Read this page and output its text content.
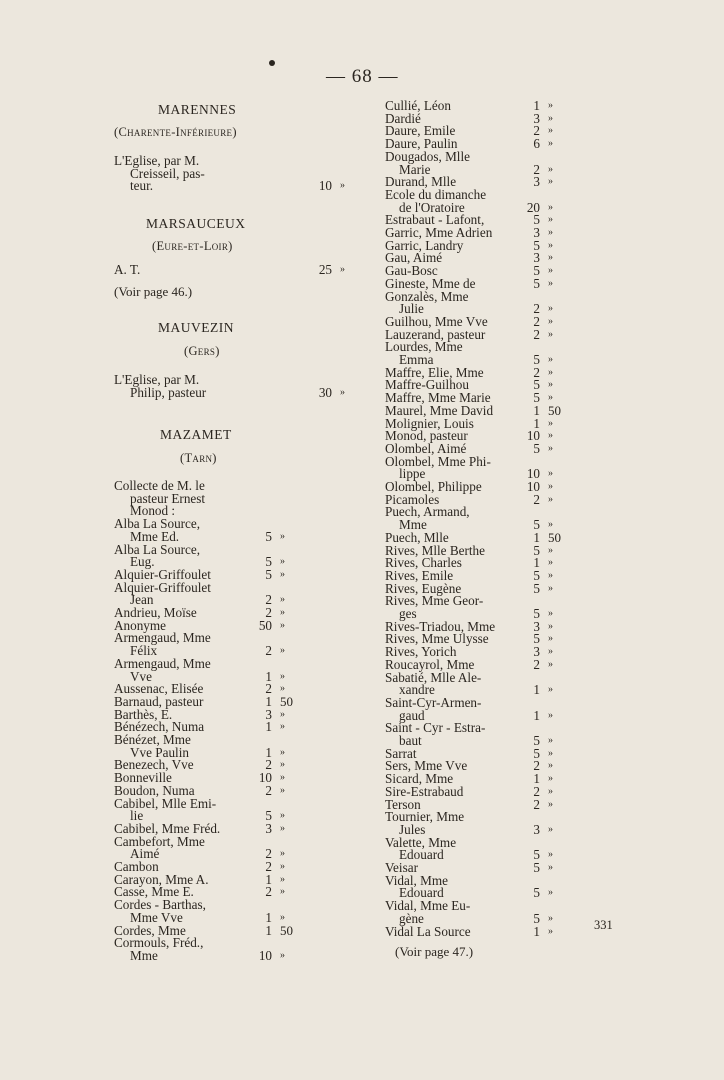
— 68 —
MARENNES
(Charente-Inférieure)
L'Eglise, par M.
Creisseil, pas-
teur.	10 »
MARSAUCEUX
(Eure-et-Loir)
A. T.	25 »
(Voir page 46.)
MAUVEZIN
(Gers)
L'Eglise, par M.
Philip, pasteur	30 »
MAZAMET
(Tarn)
Collecte de M. le
pasteur Ernest
Monod :
Alba La Source,
Mme Ed.	5 »
Alba La Source,
Eug.	5 »
Alquier-Griffoulet	5 »
Alquier-Griffoulet
Jean	2 »
Andrieu, Moïse	2 »
Anonyme	50 »
Armengaud, Mme
Félix	2 »
Armengaud, Mme
Vve	1 »
Aussenac, Elisée	2 »
Barnaud, pasteur	1 50
Barthès, E.	3 »
Bénézech, Numa	1 »
Bénézet, Mme
Vve Paulin	1 »
Benezech, Vve	2 »
Bonneville	10 »
Boudon, Numa	2 »
Cabibel, Mlle Emi-
lie	5 »
Cabibel, Mme Fréd.	3 »
Cambefort, Mme
Aimé	2 »
Cambon	2 »
Carayon, Mme A.	1 »
Casse, Mme E.	2 »
Cordes - Barthas,
Mme Vve	1 »
Cordes, Mme	1 50
Cormouls, Fréd.,
Mme	10 »
Cullié, Léon	1 »
Dardié	3 »
Daure, Emile	2 »
Daure, Paulin	6 »
Dougados, Mlle
Marie	2 »
Durand, Mlle	3 »
Ecole du dimanche
de l'Oratoire	20 »
Estrabaut - Lafont,	5 »
Garric, Mme Adrien	3 »
Garric, Landry	5 »
Gau, Aimé	3 »
Gau-Bosc	5 »
Gineste, Mme de	5 »
Gonzalès, Mme
Julie	2 »
Guilhou, Mme Vve	2 »
Lauzerand, pasteur	2 »
Lourdes, Mme
Emma	5 »
Maffre, Elie, Mme	2 »
Maffre-Guilhou	5 »
Maffre, Mme Marie	5 »
Maurel, Mme David	1 50
Molignier, Louis	1 »
Monod, pasteur	10 »
Olombel, Aimé	5 »
Olombel, Mme Phi-
lippe	10 »
Olombel, Philippe	10 »
Picamoles	2 »
Puech, Armand,
Mme	5 »
Puech, Mlle	1 50
Rives, Mlle Berthe	5 »
Rives, Charles	1 »
Rives, Emile	5 »
Rives, Eugène	5 »
Rives, Mme Geor-
ges	5 »
Rives-Triadou, Mme	3 »
Rives, Mme Ulysse	5 »
Rives, Yorich	3 »
Roucayrol, Mme	2 »
Sabatié, Mlle Ale-
xandre	1 »
Saint-Cyr-Armen-
gaud	1 »
Saint - Cyr - Estra-
baut	5 »
Sarrat	5 »
Sers, Mme Vve	2 »
Sicard, Mme	1 »
Sire-Estrabaud	2 »
Terson	2 »
Tournier, Mme
Jules	3 »
Valette, Mme
Edouard	5 »
Veisar	5 »
Vidal, Mme
Edouard	5 »
Vidal, Mme Eu-
gène	5 »
Vidal La Source	1 »
(Voir page 47.)
331
